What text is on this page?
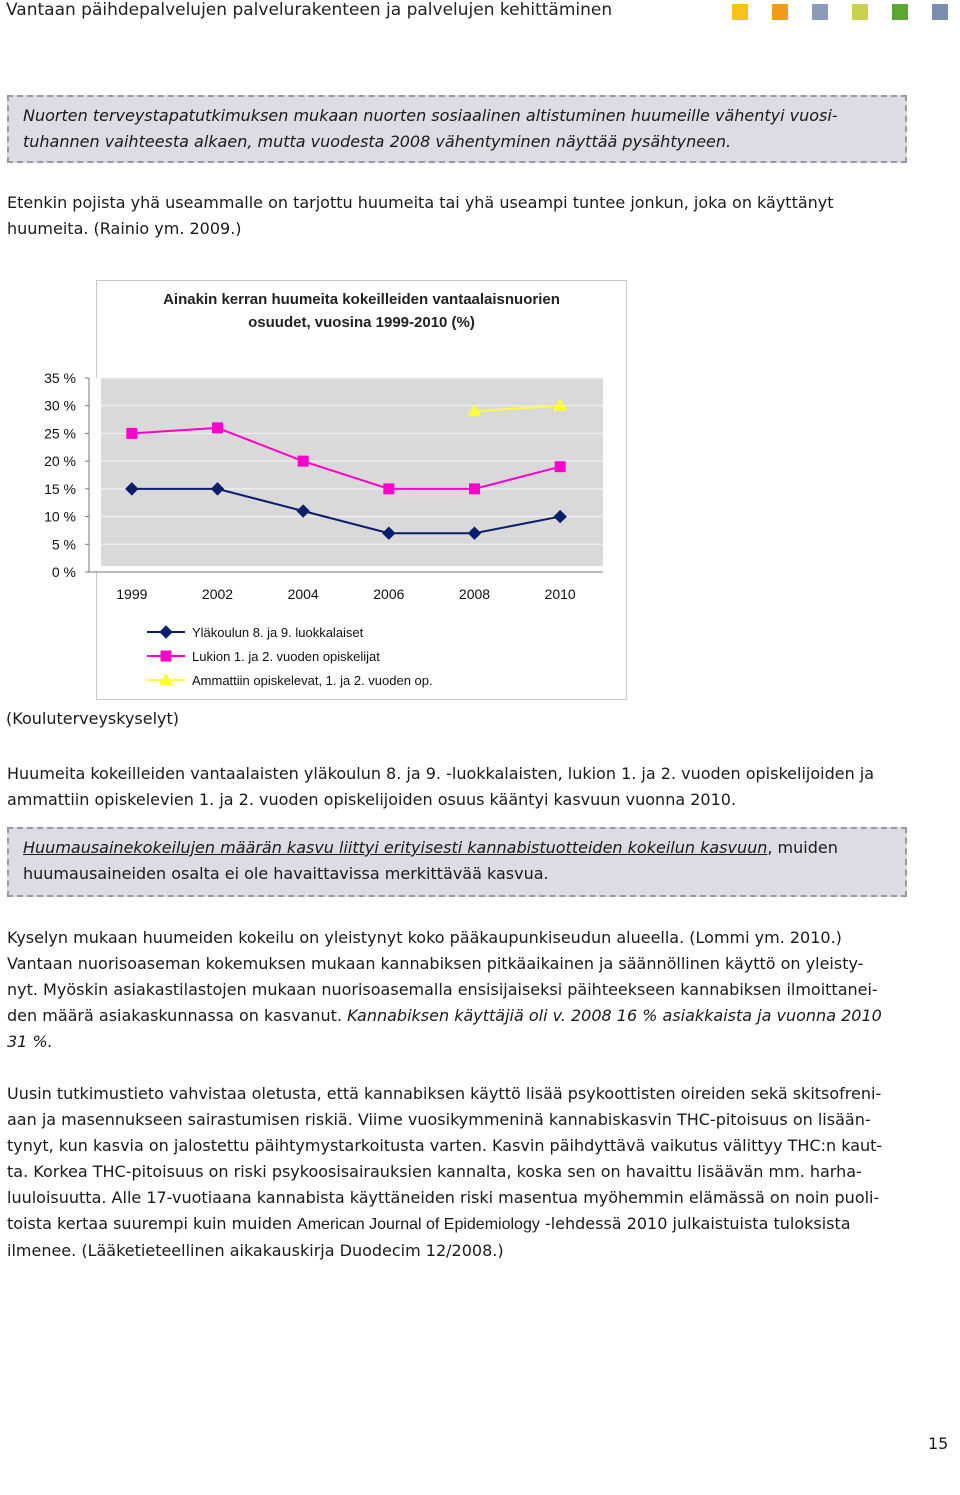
Vantaan päihdepalvelujen palvelurakenteen ja palvelujen kehittäminen
Nuorten terveystapatutkimuksen mukaan nuorten sosiaalinen altistuminen huumeille vähentyi vuosi-
tuhannen vaihteesta alkaen, mutta vuodesta 2008 vähentyminen näyttää pysähtyneen.
Etenkin pojista yhä useammalle on tarjottu huumeita tai yhä useampi tuntee jonkun, joka on käyttänyt
huumeita. (Rainio ym. 2009.)
Ainakin kerran huumeita kokeilleiden vantaalaisnuorien
osuudet, vuosina 1999-2010 (%)
0 %
5 %
10 %
15 %
20 %
25 %
30 %
35 %
1999	2002	2004	2006	2008	2010
Yläkoulun 8. ja 9. luokkalaiset
Lukion 1. ja 2. vuoden opiskelijat
Ammattiin opiskelevat, 1. ja 2. vuoden op.
(Kouluterveyskyselyt)
Huumeita kokeilleiden vantaalaisten yläkoulun 8. ja 9. -luokkalaisten, lukion 1. ja 2. vuoden opiskelijoiden ja
ammattiin opiskelevien 1. ja 2. vuoden opiskelijoiden osuus kääntyi kasvuun vuonna 2010.
Huumausainekokeilujen määrän kasvu liittyi erityisesti kannabistuotteiden kokeilun kasvuun, muiden
huumausaineiden osalta ei ole havaittavissa merkittävää kasvua.
Kyselyn mukaan huumeiden kokeilu on yleistynyt koko pääkaupunkiseudun alueella. (Lommi ym. 2010.)
Vantaan nuorisoaseman kokemuksen mukaan kannabiksen pitkäaikainen ja säännöllinen käyttö on yleisty-
nyt. Myöskin asiakastilastojen mukaan nuorisoasemalla ensisijaiseksi päihteekseen kannabiksen ilmoittanei-
den määrä asiakaskunnassa on kasvanut. Kannabiksen käyttäjiä oli v. 2008 16 % asiakkaista ja vuonna 2010
31 %.
Uusin tutkimustieto vahvistaa oletusta, että kannabiksen käyttö lisää psykoottisten oireiden sekä skitsofreni-
aan ja masennukseen sairastumisen riskiä. Viime vuosikymmeninä kannabiskasvin THC-pitoisuus on lisään-
tynyt, kun kasvia on jalostettu päihtymystarkoitusta varten. Kasvin päihdyttävä vaikutus välittyy THC:n kaut-
ta. Korkea THC-pitoisuus on riski psykoosisairauksien kannalta, koska sen on havaittu lisäävän mm. harha-
luuloisuutta. Alle 17-vuotiaana kannabista käyttäneiden riski masentua myöhemmin elämässä on noin puoli-
toista kertaa suurempi kuin muiden American Journal of Epidemiology -lehdessä 2010 julkaistuista tuloksista
ilmenee. (Lääketieteellinen aikakauskirja Duodecim 12/2008.)
15
